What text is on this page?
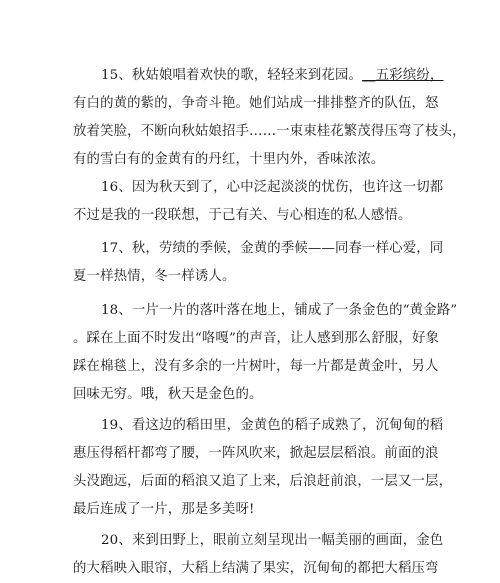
15、秋姑娘唱着欢快的歌，轻轻来到花园。__五彩缤纷，
有白的黄的紫的，争奇斗艳。她们站成一排排整齐的队伍，怒
放着笑脸，不断向秋姑娘招手……一束束桂花繁茂得压弯了枝头，
有的雪白有的金黄有的丹红，十里内外，香味浓浓。

16、因为秋天到了，心中泛起淡淡的忧伤，也许这一切都
不过是我的一段联想，于己有关、与心相连的私人感悟。

17、秋，劳绩的季候，金黄的季候——同春一样心爱，同
夏一样热情，冬一样诱人。

18、一片一片的落叶落在地上，铺成了一条金色的“黄金路”
。踩在上面不时发出“咯嘎”的声音，让人感到那么舒服，好象
踩在棉毯上，没有多余的一片树叶，每一片都是黄金叶，另人
回味无穷。哦，秋天是金色的。

19、看这边的稻田里，金黄色的稻子成熟了，沉甸甸的稻
惠压得稻杆都弯了腰，一阵风吹来，掀起层层稻浪。前面的浪
头没跑远，后面的稻浪又追了上来，后浪赶前浪，一层又一层，
最后连成了一片，那是多美呀!

20、来到田野上，眼前立刻呈现出一幅美丽的画面，金色
的大稻映入眼帘，大稻上结满了果实，沉甸甸的都把大稻压弯
